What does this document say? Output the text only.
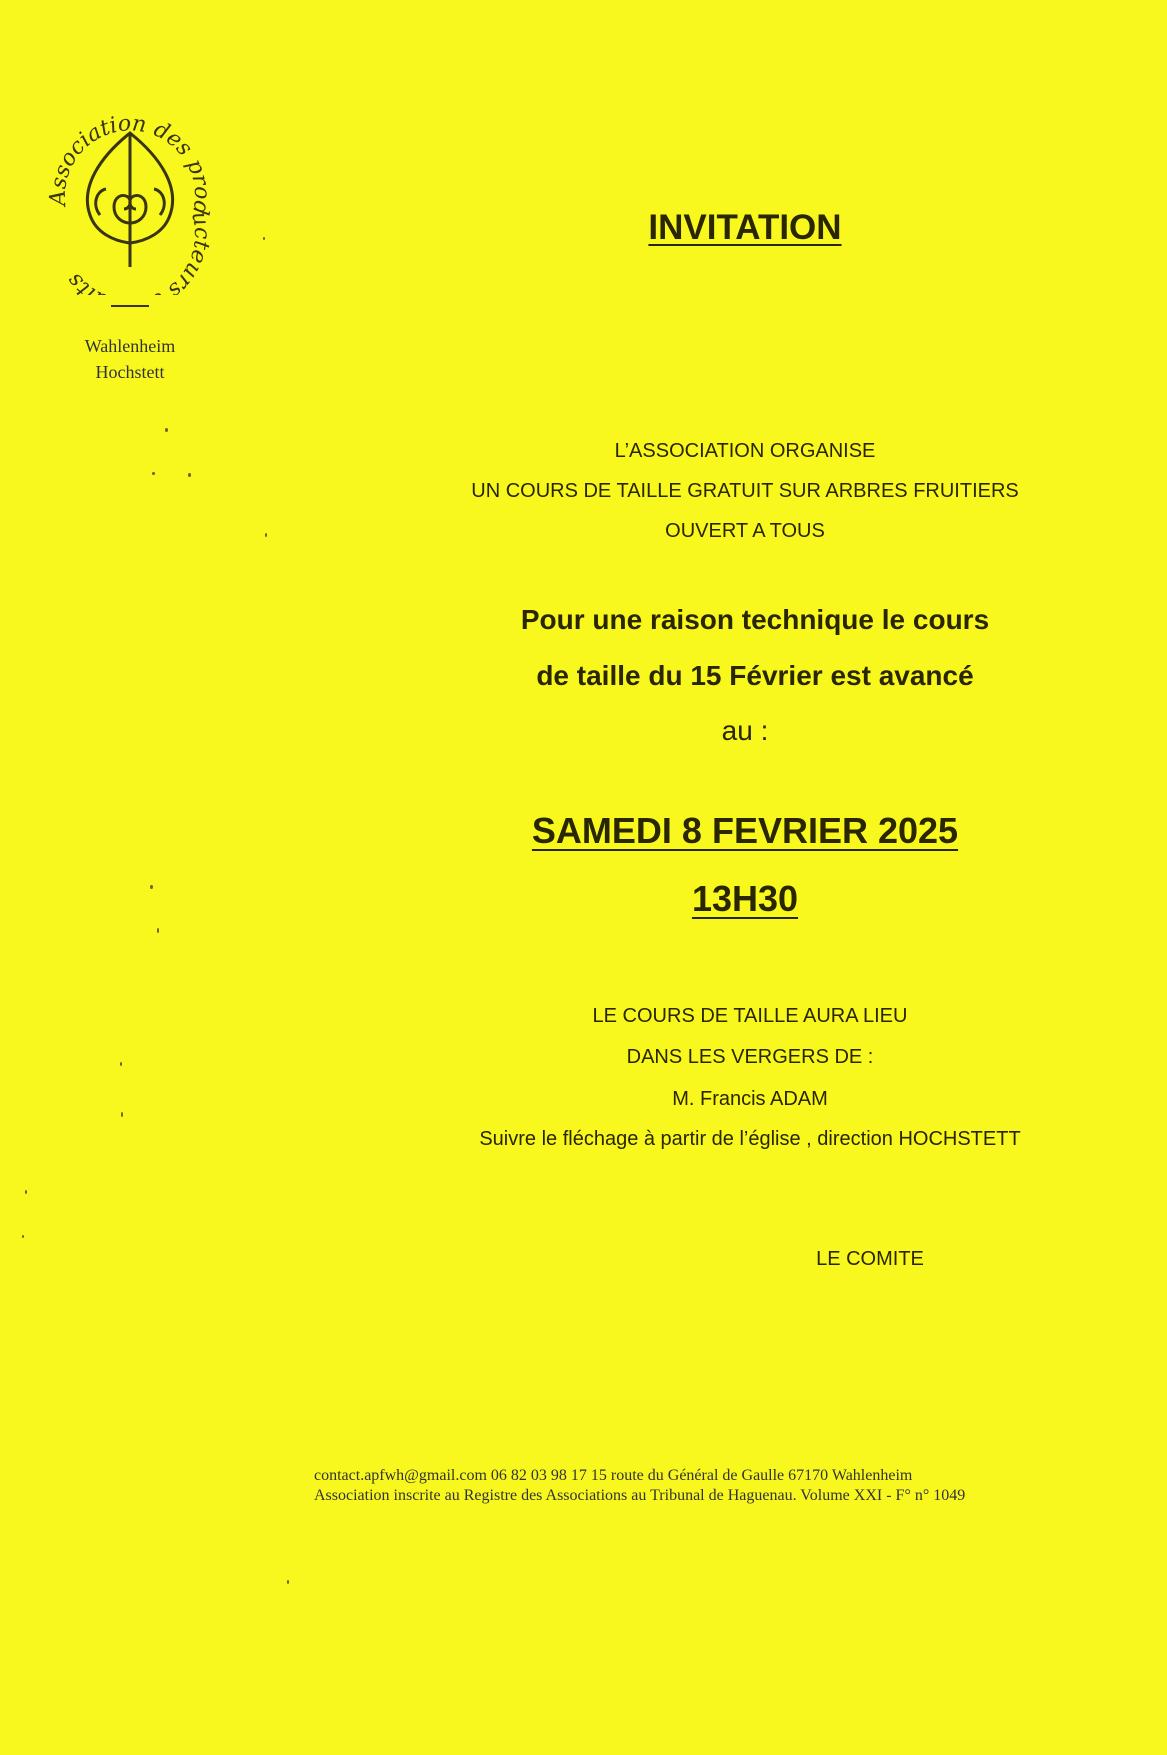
Association des producteurs its
Wahlenheim
Hochstett
INVITATION
L’ASSOCIATION ORGANISE
UN COURS DE TAILLE GRATUIT SUR ARBRES FRUITIERS
OUVERT A TOUS
Pour une raison technique le cours
de taille du 15 Février est avancé
au :
SAMEDI 8 FEVRIER 2025
13H30
LE COURS DE TAILLE AURA LIEU
DANS LES VERGERS DE :
M. Francis ADAM
Suivre le fléchage à partir de l’église , direction HOCHSTETT
LE COMITE
contact.apfwh@gmail.com 06 82 03 98 17 15 route du Général de Gaulle 67170 Wahlenheim
Association inscrite au Registre des Associations au Tribunal de Haguenau. Volume XXI - F° n° 1049
